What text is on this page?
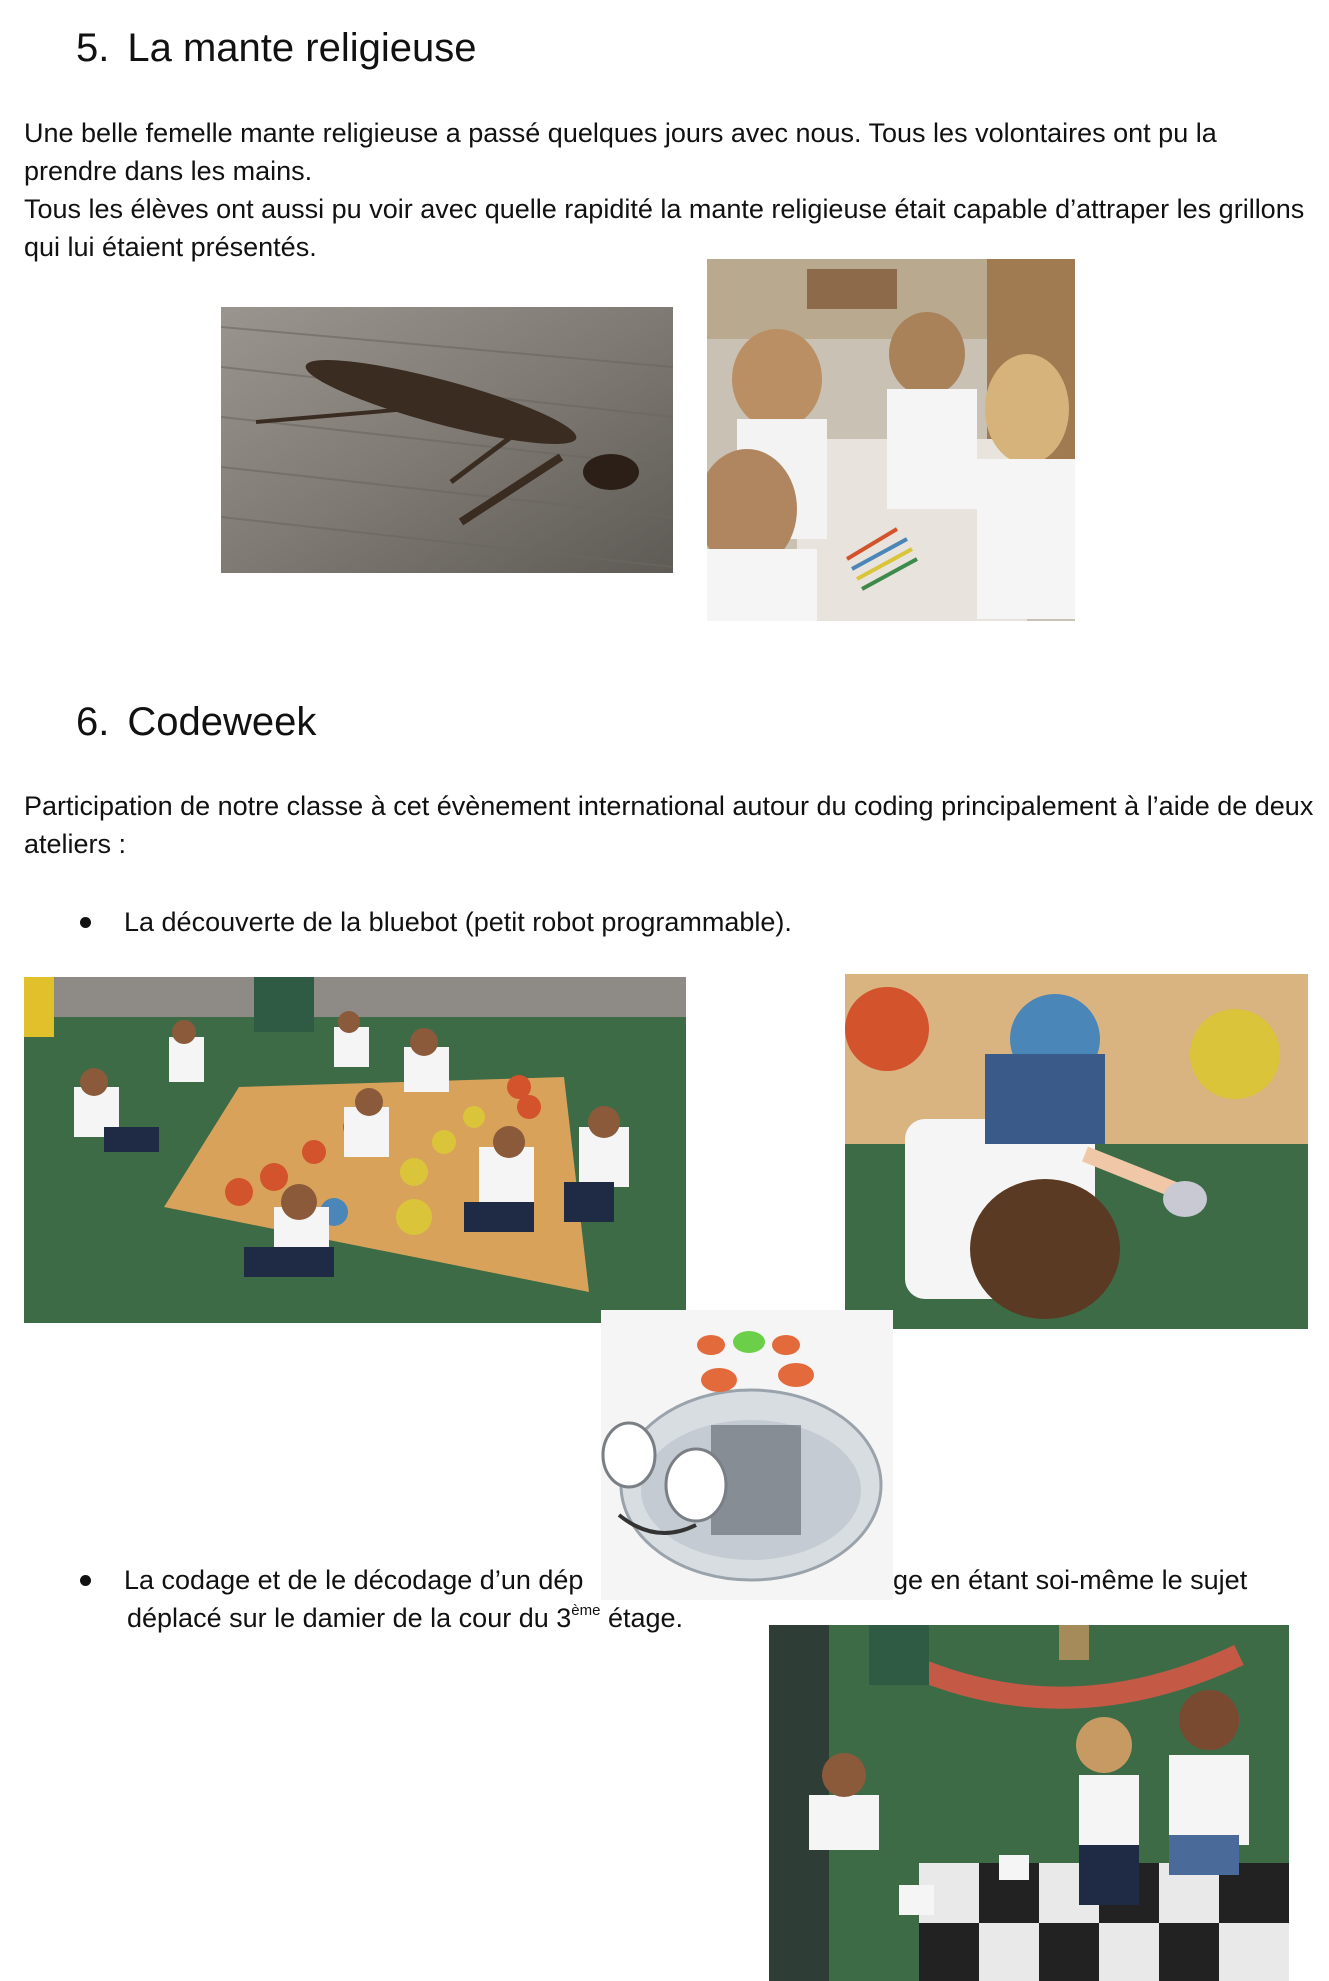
5. La mante religieuse

Une belle femelle mante religieuse a passé quelques jours avec nous. Tous les volontaires ont pu la prendre dans les mains.

Tous les élèves ont aussi pu voir avec quelle rapidité la mante religieuse était capable d’attraper les grillons qui lui étaient présentés.

6. Codeweek

Participation de notre classe à cet évènement international autour du coding principalement à l’aide de deux ateliers :

La découverte de la bluebot (petit robot programmable).
La codage et de le décodage d’un dép	ge en étant soi-même le sujet
déplacé sur le damier de la cour du 3ème étage.
